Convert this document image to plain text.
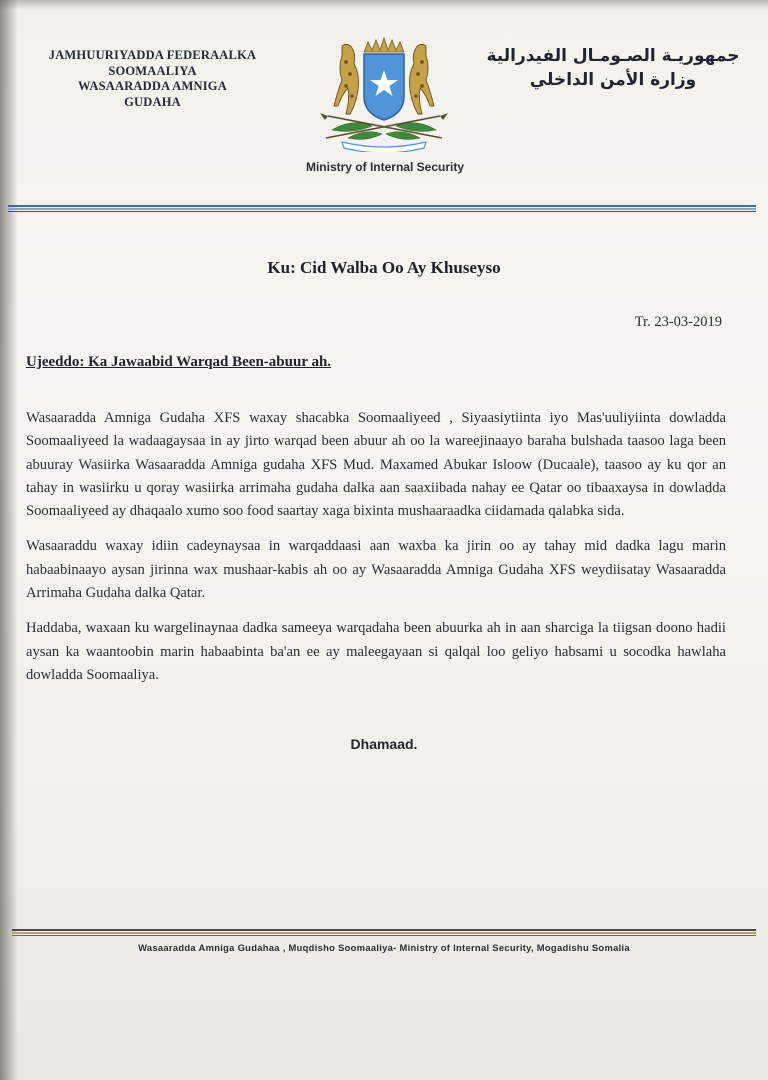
JAMHUURIYADDA FEDERAALKA
SOOMAALIYA
WASAARADDA AMNIGA
GUDAHA
Ministry of Internal Security
جمهوريـة الصـومـال الفيدرالية
وزارة الأمن الداخلي
Ku: Cid Walba Oo Ay Khuseyso
Tr. 23-03-2019
Ujeeddo: Ka Jawaabid Warqad Been-abuur ah.

Wasaaradda Amniga Gudaha XFS waxay shacabka Soomaaliyeed , Siyaasiytiinta iyo Mas'uuliyiinta dowladda Soomaaliyeed la wadaagaysaa in ay jirto warqad been abuur ah oo la wareejinaayo baraha bulshada taasoo laga been abuuray Wasiirka Wasaaradda Amniga gudaha XFS Mud. Maxamed Abukar Isloow (Ducaale), taasoo ay ku qor an tahay in wasiirku u qoray wasiirka arrimaha gudaha dalka aan saaxiibada nahay ee Qatar oo tibaaxaysa in dowladda Soomaaliyeed ay dhaqaalo xumo soo food saartay xaga bixinta mushaaraadka ciidamada qalabka sida.

Wasaaraddu waxay idiin cadeynaysaa in warqaddaasi aan waxba ka jirin oo ay tahay mid dadka lagu marin habaabinaayo aysan jirinna wax mushaar-kabis ah oo ay Wasaaradda Amniga Gudaha XFS weydiisatay Wasaaradda Arrimaha Gudaha dalka Qatar.

Haddaba, waxaan ku wargelinaynaa dadka sameeya warqadaha been abuurka ah in aan sharciga la tiigsan doono hadii aysan ka waantoobin marin habaabinta ba'an ee ay maleegayaan si qalqal loo geliyo habsami u socodka hawlaha dowladda Soomaaliya.

Dhamaad.
Wasaaradda Amniga Gudahaa , Muqdisho Soomaaliya- Ministry of Internal Security, Mogadishu Somalia
